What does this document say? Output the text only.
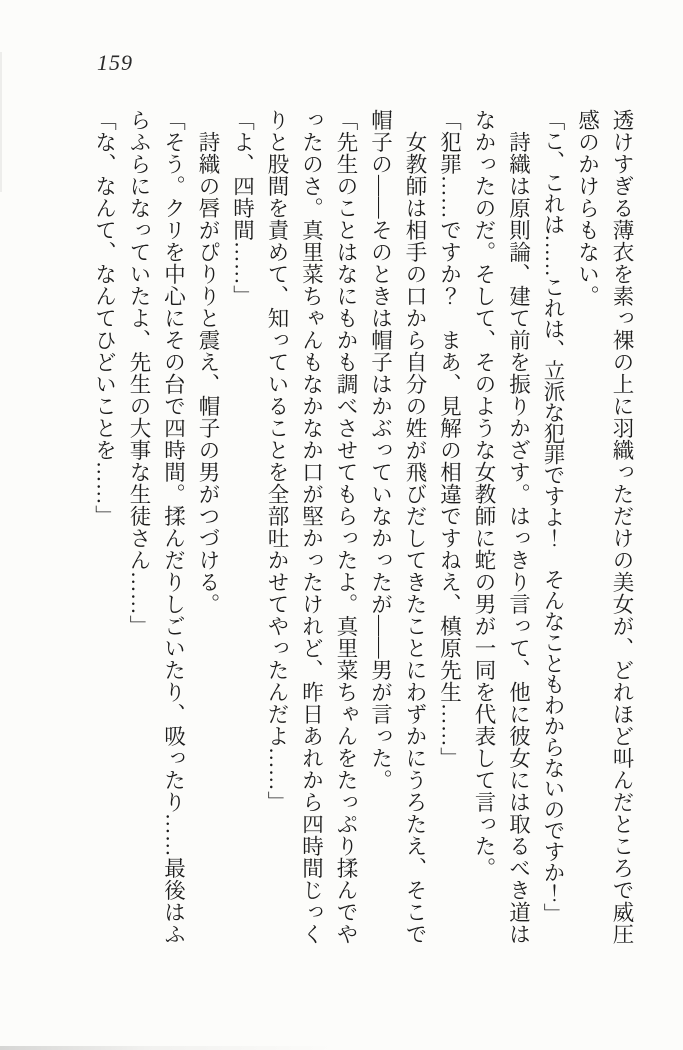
159

透けすぎる薄衣を素っ裸の上に羽織っただけの美女が、どれほど叫んだところで威圧感のかけらもない。

「こ、これは……これは、立派な犯罪ですよ！　そんなこともわからないのですか！」

詩織は原則論、建て前を振りかざす。はっきり言って、他に彼女には取るべき道はなかったのだ。そして、そのような女教師に蛇の男が一同を代表して言った。

「犯罪……ですか？　まあ、見解の相違ですねえ、槙原先生……」

女教師は相手の口から自分の姓が飛びだしてきたことにわずかにうろたえ、そこで帽子の――そのときは帽子はかぶっていなかったが――男が言った。

「先生のことはなにもかも調べさせてもらったよ。真里菜ちゃんをたっぷり揉んでやったのさ。真里菜ちゃんもなかなか口が堅かったけれど、昨日あれから四時間じっくりと股間を責めて、知っていることを全部吐かせてやったんだよ……」

「よ、四時間……」

詩織の唇がぴりりと震え、帽子の男がつづける。

「そう。クリを中心にその台で四時間。揉んだりしごいたり、吸ったり……最後はふらふらになっていたよ、先生の大事な生徒さん……」

「な、なんて、なんてひどいことを……」
